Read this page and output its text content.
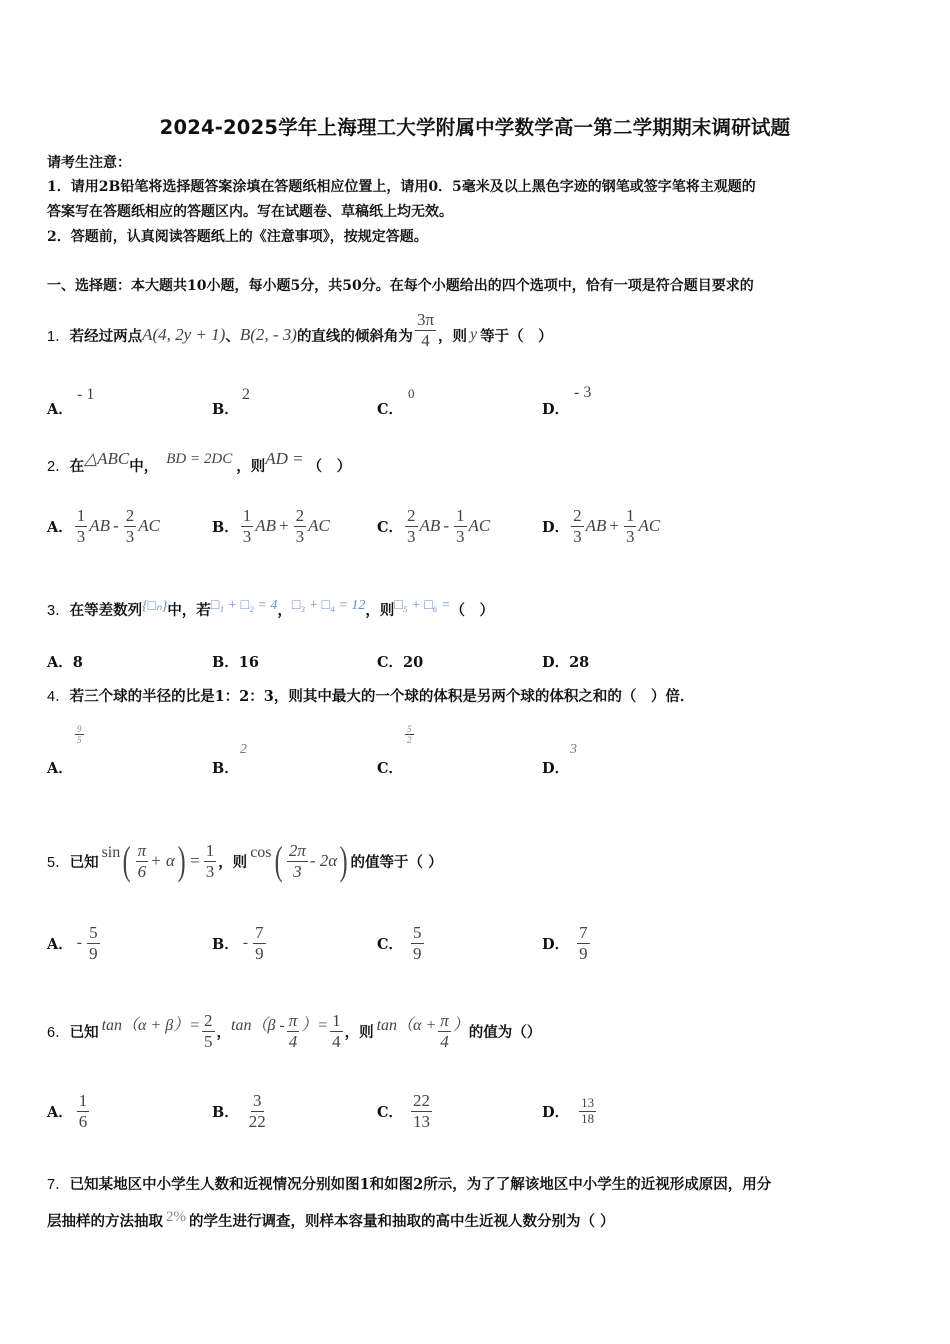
2024-2025学年上海理工大学附属中学数学高一第二学期期末调研试题
请考生注意：
1．请用2B铅笔将选择题答案涂填在答题纸相应位置上，请用0．5毫米及以上黑色字迹的钢笔或签字笔将主观题的
答案写在答题纸相应的答题区内。写在试题卷、草稿纸上均无效。
2．答题前，认真阅读答题纸上的《注意事项》，按规定答题。
一、选择题：本大题共10小题，每小题5分，共50分。在每个小题给出的四个选项中，恰有一项是符合题目要求的
1． 若经过两点 A(4, 2y + 1) 、 B(2, - 3) 的直线的倾斜角为 $\frac{3\pi}{4}$ ，则 y 等于（　）
A．
- 1
B．
2
C．
0
D．
- 3
2． 在 △ABC 中， BD = 2DC ，则 AD = （　）
A． $\frac{1}{3}$ AB - $\frac{2}{3}$ AC	B． $\frac{1}{3}$ AB + $\frac{2}{3}$ AC	C． $\frac{2}{3}$ AB - $\frac{1}{3}$ AC	D． $\frac{2}{3}$ AB + $\frac{1}{3}$ AC
3． 在等差数列 {□ₙ} 中，若 □₁ + □₂ = 4 ， □₃ + □₄ = 12 ，则 □₅ + □₆ = （　）
A．8	B．16	C．20	D．28
4．若三个球的半径的比是1：2：3，则其中最大的一个球的体积是另两个球的体积之和的（　）倍．
A．
$\frac{9}{5}$
B．
2
C．
$\frac{5}{2}$
D．
3
5． 已知
sin ( $\frac{\pi}{6} + \alpha$ ) = $\frac{1}{3}$ ，则
cos ( $\frac{2\pi}{3} - 2\alpha$ ) 的值等于（ ）
A． - $\frac{5}{9}$	B． - $\frac{7}{9}$	C． $\frac{5}{9}$	D． $\frac{7}{9}$
6． 已知 $\tan(\alpha + \beta)= \frac{2}{5}$ ， $\tan(\beta - \frac{\pi}{4}$ ）= $\frac{1}{4}$ ， 则 $\tan(\alpha + \frac{\pi}{4}$ ） 的值为（）
A． $\frac{1}{6}$	B． $\frac{3}{22}$	C． $\frac{22}{13}$	D． $\frac{13}{18}$
7．已知某地区中小学生人数和近视情况分别如图1和如图2所示，为了了解该地区中小学生的近视形成原因，用分
层抽样的方法抽取 2% 的学生进行调查，则样本容量和抽取的高中生近视人数分别为（ ）
